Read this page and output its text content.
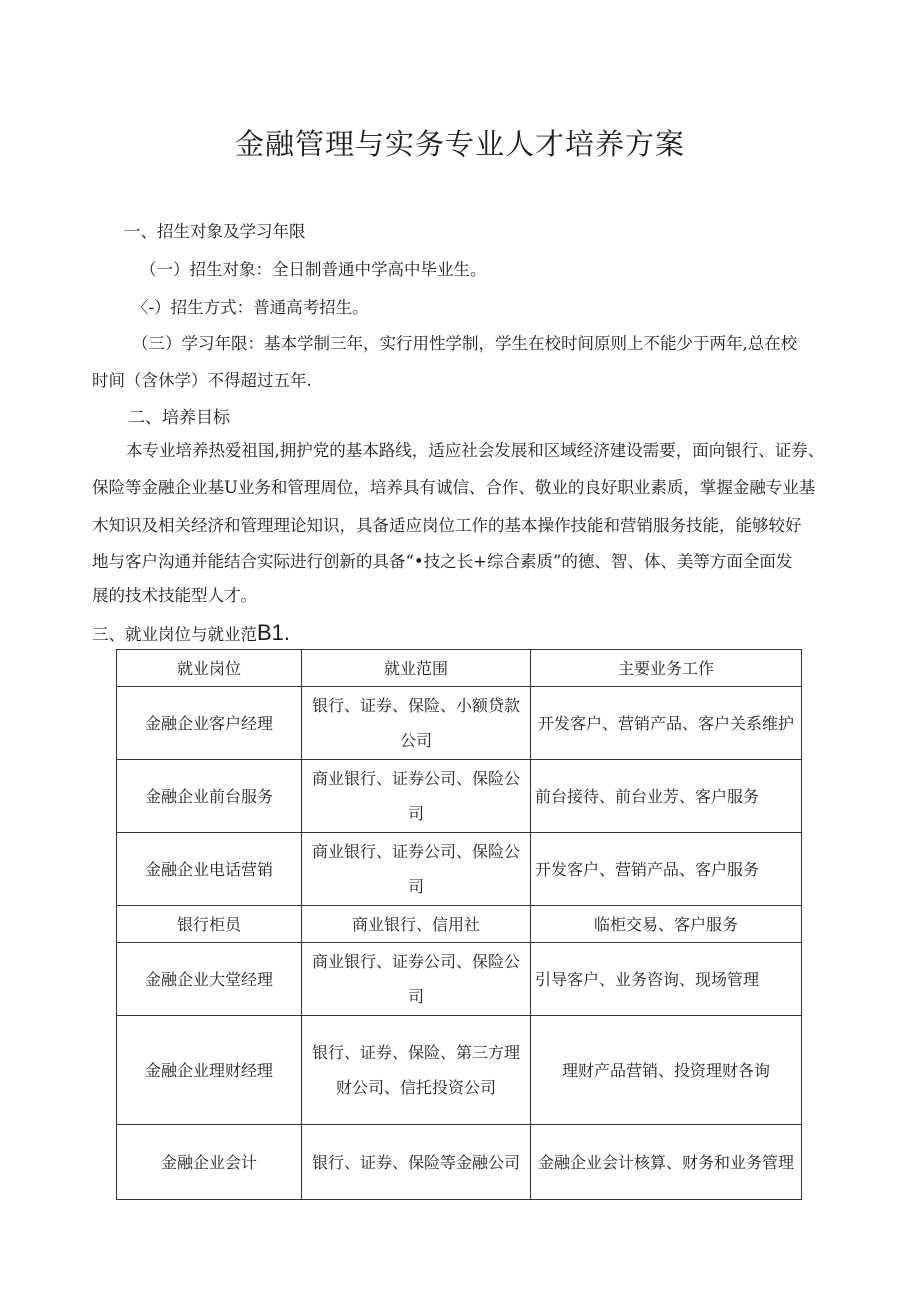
金融管理与实务专业人才培养方案
一、招生对象及学习年限
（一）招生对象：全日制普通中学高中毕业生。
〈-）招生方式：普通高考招生。
（三）学习年限：基本学制三年，实行用性学制，学生在校时间原则上不能少于两年,总在校
时间（含休学）不得超过五年.
二、培养目标
本专业培养热爱祖国,拥护党的基本路线，适应社会发展和区域经济建设需要，面向银行、证券、
保险等金融企业基U业务和管理周位，培养具有诚信、合作、敬业的良好职业素质，掌握金融专业基
木知识及相关经济和管理理论知识，具备适应岗位工作的基本操作技能和营销服务技能，能够较好
地与客户沟通并能结合实际进行创新的具备“•技之长+综合素质”的德、智、体、美等方面全面发
展的技术技能型人才。
三、就业岗位与就业范B1.
就业岗位	就业范围	主要业务工作
金融企业客户经理	银行、证券、保险、小额贷款公司	开发客户、营销产品、客户关系维护
金融企业前台服务	商业银行、证券公司、保险公司	前台接待、前台业芳、客户服务
金融企业电话营销	商业银行、证券公司、保险公司	开发客户、营销产品、客户服务
银行柜员	商业银行、信用社	临柜交易、客户服务
金融企业大堂经理	商业银行、证券公司、保险公司	引导客户、业务咨询、现场管理
金融企业理财经理	银行、证券、保险、第三方理财公司、信托投资公司	理财产品营销、投资理财各询
金融企业会计	银行、证券、保险等金融公司	金融企业会计核算、财务和业务管理
